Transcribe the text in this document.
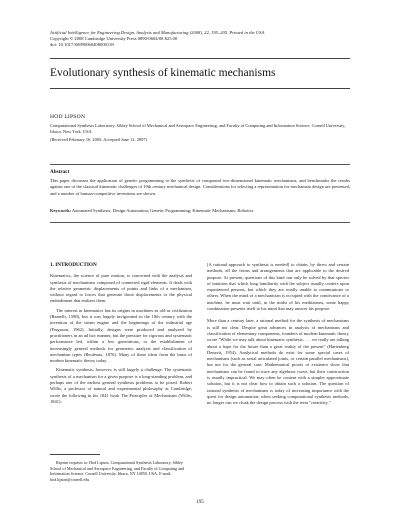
Artificial Intelligence for Engineering Design, Analysis and Manufacturing (2008), 22, 195–205. Printed in the USA.
Copyright © 2008 Cambridge University Press 0890-0604/08 $25.00
doi: 10.1017/S0890060408000139
Evolutionary synthesis of kinematic mechanisms
HOD LIPSON
Computational Synthesis Laboratory, Sibley School of Mechanical and Aerospace Engineering, and Faculty of Computing and Information Science, Cornell University, Ithaca, New York, USA
(Received February 16, 2005; Accepted June 12, 2007)
Abstract
This paper discusses the application of genetic programming to the synthesis of compound two-dimensional kinematic mechanisms, and benchmarks the results against one of the classical kinematic challenges of 19th century mechanical design. Considerations for selecting a representation for mechanism design are presented, and a number of human-competitive inventions are shown.
Keywords: Automated Synthesis; Design Automation; Genetic Programming; Kinematic Mechanisms; Robotics
1. INTRODUCTION

Kinematics, the science of pure motion, is concerned with the analysis and synthesis of mechanisms composed of connected rigid elements. It deals with the relative geometric displacements of points and links of a mechanism, without regard to forces that generate those displacements or the physical embodiment that realizes them.

The interest in kinematics has its origins in machines as old as civilization (Ramelli, 1588), but it was largely invigorated in the 18th century with the invention of the steam engine and the beginnings of the industrial age (Ferguson, 1962). Initially, designs were produced and analyzed by practitioners in an ad hoc manner, but the pressure for rigorous and systematic performance led, within a few generations, to the establishment of increasingly general methods for geometric analysis and classification of mechanism types (Reuleaux, 1876). Many of these ideas form the basis of modern kinematic theory today.

Kinematic synthesis, however, is still largely a challenge. The systematic synthesis of a mechanism for a given purpose is a long-standing problem, and perhaps one of the earliest general synthesis problems to be posed. Robert Willis, a professor of natural and experimental philosophy at Cambridge, wrote the following in his 1841 book The Principles of Mechanisms (Willis, 1841):

[A rational approach to synthesis is needed] to obtain, by direct and certain methods, all the forms and arrangements that are applicable to the desired purpose. At present, questions of this kind can only be solved by that species of intuition that which long familiarity with the subject usually confers upon experienced persons, but which they are totally unable to communicate to others. When the mind of a mechanician is occupied with the contrivance of a machine, he must wait until, in the midst of his meditations, some happy combination presents itself to his mind that may answer his purpose.

More than a century later, a rational method for the synthesis of mechanisms is still not clear. Despite great advances in analysis of mechanisms and classification of elementary components, founders of modern kinematic theory wrote "While we may talk about kinematic synthesis, . . . we really are talking about a hope for the future than a great reality of the present" (Hartenberg Denavit, 1954). Analytical methods do exist for some special cases of mechanisms (such as serial articulated joints, or certain parallel mechanisms), but not for the general case. Mathematical proofs of existence show that mechanisms can be found to trace any algebraic curve, but their construction is usually impractical. We may often be content with a simpler approximate solution, but it is not clear how to obtain such a solution. The question of rational synthesis of mechanisms is today of increasing importance with the quest for design automation; when seeking computational synthesis methods, no longer can we cloak the design process with the term "creativity."

Reprint requests to: Hod Lipson, Computational Synthesis Laboratory, Sibley School of Mechanical and Aerospace Engineering, and Faculty of Computing and Information Science, Cornell University, Ithaca, NY 14850, USA. E-mail: hod.lipson@cornell.edu
195
